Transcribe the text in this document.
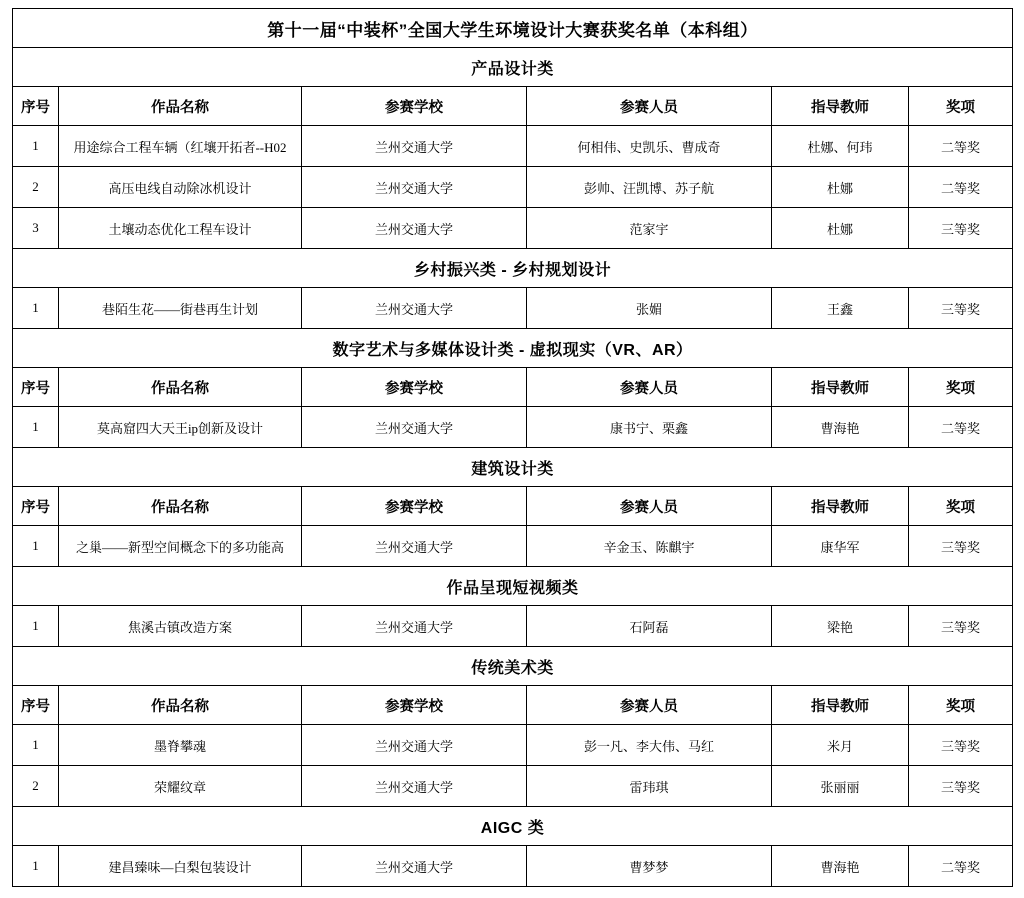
第十一届“中装杯”全国大学生环境设计大赛获奖名单（本科组）					
产品设计类					
序号	作品名称	参赛学校	参赛人员	指导教师	奖项

1	用途综合工程车辆（红壤开拓者--H02	兰州交通大学	何相伟、史凯乐、曹成奇	杜娜、何玮	二等奖

2	高压电线自动除冰机设计	兰州交通大学	彭帅、汪凯博、苏子航	杜娜	二等奖

3	土壤动态优化工程车设计	兰州交通大学	范家宇	杜娜	三等奖

乡村振兴类 - 乡村规划设计					

1	巷陌生花——街巷再生计划	兰州交通大学	张媚	王鑫	三等奖

数字艺术与多媒体设计类 - 虚拟现实（VR、AR）					
序号	作品名称	参赛学校	参赛人员	指导教师	奖项

1	莫高窟四大天王ip创新及设计	兰州交通大学	康书宁、栗鑫	曹海艳	二等奖

建筑设计类					
序号	作品名称	参赛学校	参赛人员	指导教师	奖项

1	之巢——新型空间概念下的多功能高	兰州交通大学	辛金玉、陈麒宇	康华军	三等奖

作品呈现短视频类					

1	焦溪古镇改造方案	兰州交通大学	石阿磊	梁艳	三等奖

传统美术类					
序号	作品名称	参赛学校	参赛人员	指导教师	奖项

1	墨脊攀魂	兰州交通大学	彭一凡、李大伟、马红	米月	三等奖

2	荣耀纹章	兰州交通大学	雷玮琪	张丽丽	三等奖

AIGC 类					

1	建昌臻味—白梨包装设计	兰州交通大学	曹梦梦	曹海艳	二等奖
